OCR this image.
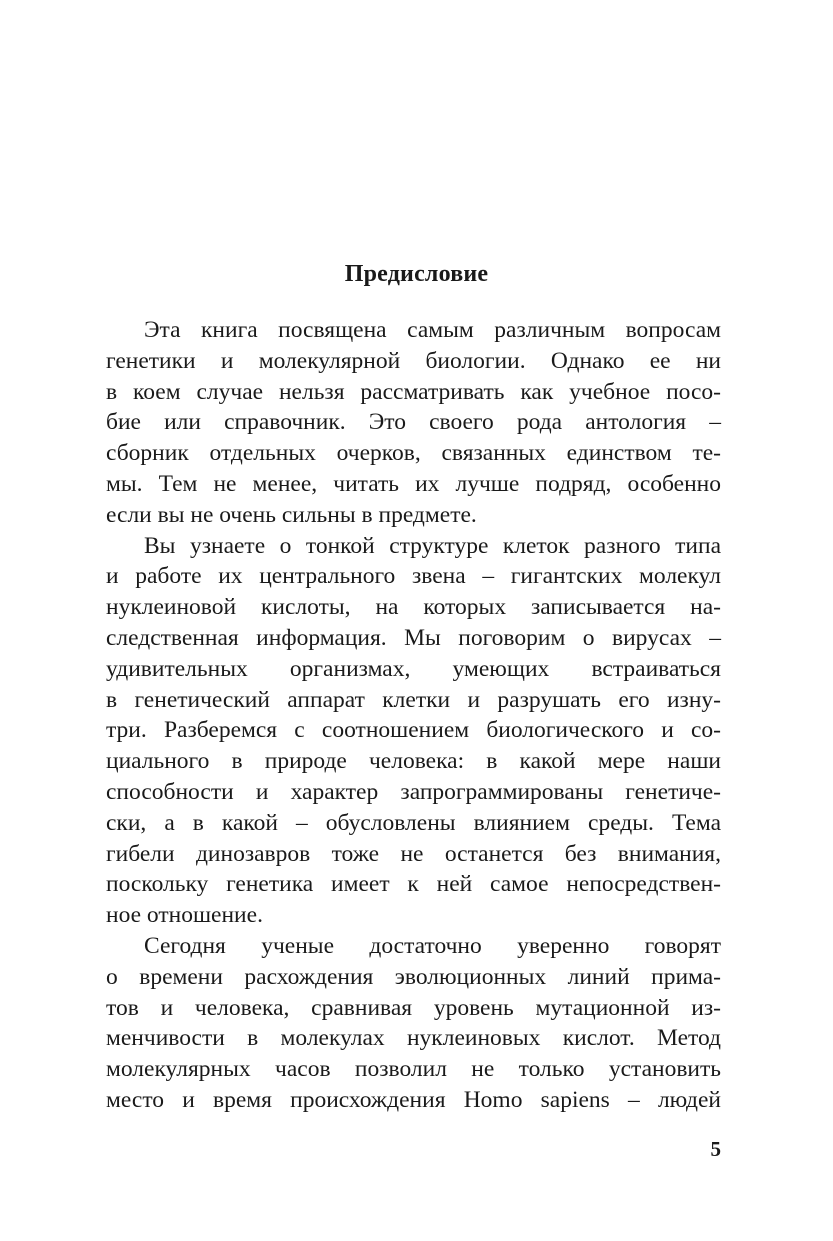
Предисловие
Эта книга посвящена самым различным вопросам
генетики и молекулярной биологии. Однако ее ни
в коем случае нельзя рассматривать как учебное посо-
бие или справочник. Это своего рода антология –
сборник отдельных очерков, связанных единством те-
мы. Тем не менее, читать их лучше подряд, особенно
если вы не очень сильны в предмете.
Вы узнаете о тонкой структуре клеток разного типа
и работе их центрального звена – гигантских молекул
нуклеиновой кислоты, на которых записывается на-
следственная информация. Мы поговорим о вирусах –
удивительных организмах, умеющих встраиваться
в генетический аппарат клетки и разрушать его изну-
три. Разберемся с соотношением биологического и со-
циального в природе человека: в какой мере наши
способности и характер запрограммированы генетиче-
ски, а в какой – обусловлены влиянием среды. Тема
гибели динозавров тоже не останется без внимания,
поскольку генетика имеет к ней самое непосредствен-
ное отношение.
Сегодня ученые достаточно уверенно говорят
о времени расхождения эволюционных линий прима-
тов и человека, сравнивая уровень мутационной из-
менчивости в молекулах нуклеиновых кислот. Метод
молекулярных часов позволил не только установить
место и время происхождения Homo sapiens – людей
5
